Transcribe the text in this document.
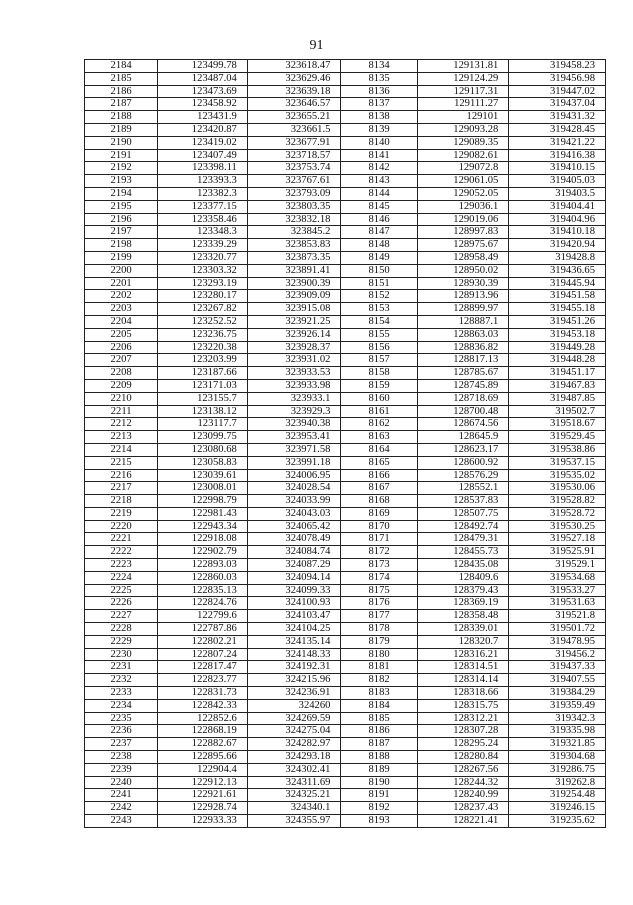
91
2184	123499.78	323618.47	8134	129131.81	319458.23
2185	123487.04	323629.46	8135	129124.29	319456.98
2186	123473.69	323639.18	8136	129117.31	319447.02
2187	123458.92	323646.57	8137	129111.27	319437.04
2188	123431.9	323655.21	8138	129101	319431.32
2189	123420.87	323661.5	8139	129093.28	319428.45
2190	123419.02	323677.91	8140	129089.35	319421.22
2191	123407.49	323718.57	8141	129082.61	319416.38
2192	123398.11	323753.74	8142	129072.8	319410.15
2193	123393.3	323767.61	8143	129061.05	319405.03
2194	123382.3	323793.09	8144	129052.05	319403.5
2195	123377.15	323803.35	8145	129036.1	319404.41
2196	123358.46	323832.18	8146	129019.06	319404.96
2197	123348.3	323845.2	8147	128997.83	319410.18
2198	123339.29	323853.83	8148	128975.67	319420.94
2199	123320.77	323873.35	8149	128958.49	319428.8
2200	123303.32	323891.41	8150	128950.02	319436.65
2201	123293.19	323900.39	8151	128930.39	319445.94
2202	123280.17	323909.09	8152	128913.96	319451.58
2203	123267.82	323915.08	8153	128899.97	319455.18
2204	123252.52	323921.25	8154	128887.1	319451.26
2205	123236.75	323926.14	8155	128863.03	319453.18
2206	123220.38	323928.37	8156	128836.82	319449.28
2207	123203.99	323931.02	8157	128817.13	319448.28
2208	123187.66	323933.53	8158	128785.67	319451.17
2209	123171.03	323933.98	8159	128745.89	319467.83
2210	123155.7	323933.1	8160	128718.69	319487.85
2211	123138.12	323929.3	8161	128700.48	319502.7
2212	123117.7	323940.38	8162	128674.56	319518.67
2213	123099.75	323953.41	8163	128645.9	319529.45
2214	123080.68	323971.58	8164	128623.17	319538.86
2215	123058.83	323991.18	8165	128600.92	319537.15
2216	123039.61	324006.95	8166	128576.29	319535.02
2217	123008.01	324028.54	8167	128552.1	319530.06
2218	122998.79	324033.99	8168	128537.83	319528.82
2219	122981.43	324043.03	8169	128507.75	319528.72
2220	122943.34	324065.42	8170	128492.74	319530.25
2221	122918.08	324078.49	8171	128479.31	319527.18
2222	122902.79	324084.74	8172	128455.73	319525.91
2223	122893.03	324087.29	8173	128435.08	319529.1
2224	122860.03	324094.14	8174	128409.6	319534.68
2225	122835.13	324099.33	8175	128379.43	319533.27
2226	122824.76	324100.93	8176	128369.19	319531.63
2227	122799.6	324103.47	8177	128358.48	319521.8
2228	122787.86	324104.25	8178	128339.01	319501.72
2229	122802.21	324135.14	8179	128320.7	319478.95
2230	122807.24	324148.33	8180	128316.21	319456.2
2231	122817.47	324192.31	8181	128314.51	319437.33
2232	122823.77	324215.96	8182	128314.14	319407.55
2233	122831.73	324236.91	8183	128318.66	319384.29
2234	122842.33	324260	8184	128315.75	319359.49
2235	122852.6	324269.59	8185	128312.21	319342.3
2236	122868.19	324275.04	8186	128307.28	319335.98
2237	122882.67	324282.97	8187	128295.24	319321.85
2238	122895.66	324293.18	8188	128280.84	319304.68
2239	122904.4	324302.41	8189	128267.56	319286.75
2240	122912.13	324311.69	8190	128244.32	319262.8
2241	122921.61	324325.21	8191	128240.99	319254.48
2242	122928.74	324340.1	8192	128237.43	319246.15
2243	122933.33	324355.97	8193	128221.41	319235.62
